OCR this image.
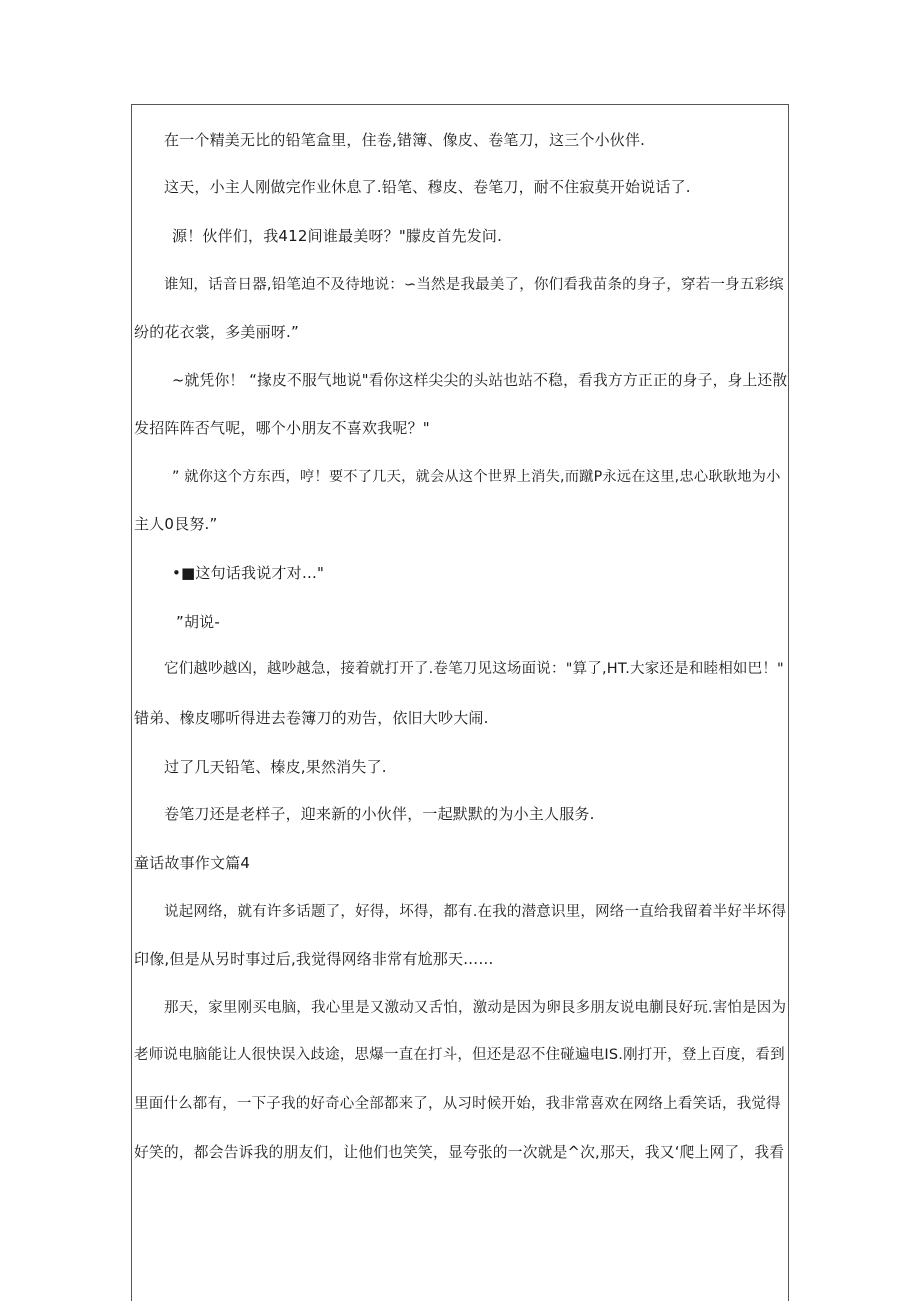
在一个精美无比的铅笔盒里，住卷,错簿、像皮、卷笔刀，这三个小伙伴.
这天，小主人刚做完作业休息了.铅笔、穆皮、卷笔刀，耐不住寂莫开始说话了.
源！伙伴们，我412间谁最美呀？"朦皮首先发问.
谁知，话音日器,铅笔迫不及待地说：∽当然是我最美了，你们看我苗条的身子，穿若一身五彩缤
纷的花衣裳，多美丽呀.”
~就凭你！ “掾皮不服气地说"看你这样尖尖的头站也站不稳，看我方方正正的身子，身上还散
发招阵阵否气呢，哪个小朋友不喜欢我呢？"
” 就你这个方东西，哼！要不了几天，就会从这个世界上消失,而蹴P永远在这里,忠心耿耿地为小
主人0艮努.”
•■这句话我说才对…"
”胡说-
它们越吵越凶，越吵越急，接着就打开了.卷笔刀见这场面说："算了,HT.大家还是和睦相如巴！"
错弟、橡皮哪听得进去卷簿刀的劝告，依旧大吵大闹.
过了几天铅笔、榛皮,果然消失了.
卷笔刀还是老样子，迎来新的小伙伴，一起默默的为小主人服务.
童话故事作文篇4
说起网络，就有许多话题了，好得，坏得，都有.在我的潜意识里，网络一直给我留着半好半坏得
印像,但是从另时事过后,我觉得网络非常有尬那天……
那天，家里刚买电脑，我心里是又激动又舌怕，激动是因为卵艮多朋友说电蒯艮好玩.害怕是因为
老师说电脑能让人很快误入歧途，思爆一直在打斗，但还是忍不住碰遍电IS.刚打开，登上百度，看到
里面什么都有，一下子我的好奇心全部都来了，从习时候开始，我非常喜欢在网络上看笑话，我觉得
好笑的，都会告诉我的朋友们，让他们也笑笑，显夸张的一次就是^次,那天，我又‘爬上网了，我看
